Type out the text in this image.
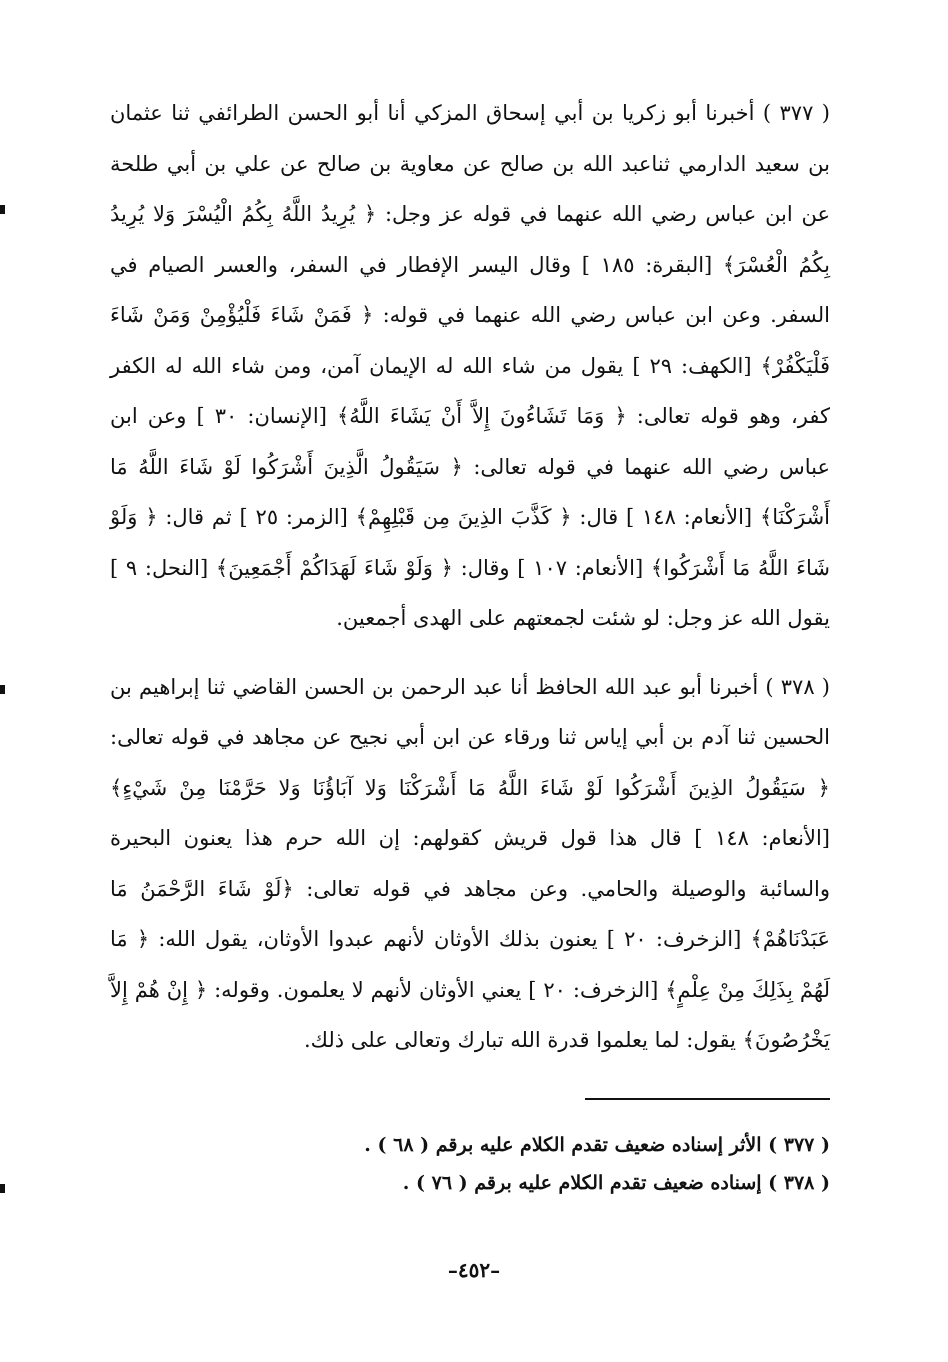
( ٣٧٧ ) أخبرنا أبو زكريا بن أبي إسحاق المزكي أنا أبو الحسن الطرائفي ثنا عثمان بن سعيد الدارمي ثناعبد الله بن صالح عن معاوية بن صالح عن علي بن أبي طلحة عن ابن عباس رضي الله عنهما في قوله عز وجل: ﴿ يُرِيدُ اللَّهُ بِكُمُ الْيُسْرَ وَلا يُرِيدُ بِكُمُ الْعُسْرَ﴾ [البقرة: ١٨٥ ] وقال اليسر الإفطار في السفر، والعسر الصيام في السفر. وعن ابن عباس رضي الله عنهما في قوله: ﴿ فَمَنْ شَاءَ فَلْيُؤْمِنْ وَمَنْ شَاءَ فَلْيَكْفُرْ﴾ [الكهف: ٢٩ ] يقول من شاء الله له الإيمان آمن، ومن شاء الله له الكفر كفر، وهو قوله تعالى: ﴿ وَمَا تَشَاءُونَ إِلاَّ أَنْ يَشَاءَ اللَّهُ﴾ [الإنسان: ٣٠ ] وعن ابن عباس رضي الله عنهما في قوله تعالى: ﴿ سَيَقُولُ الَّذِينَ أَشْرَكُوا لَوْ شَاءَ اللَّهُ مَا أَشْرَكْنَا﴾ [الأنعام: ١٤٨ ] قال: ﴿ كَذَّبَ الذِينَ مِن قَبْلِهِمْ﴾ [الزمر: ٢٥ ] ثم قال: ﴿ وَلَوْ شَاءَ اللَّهُ مَا أَشْرَكُوا﴾ [الأنعام: ١٠٧ ] وقال: ﴿ وَلَوْ شَاءَ لَهَدَاكُمْ أَجْمَعِينَ﴾ [النحل: ٩ ] يقول الله عز وجل: لو شئت لجمعتهم على الهدى أجمعين.

( ٣٧٨ ) أخبرنا أبو عبد الله الحافظ أنا عبد الرحمن بن الحسن القاضي ثنا إبراهيم بن الحسين ثنا آدم بن أبي إياس ثنا ورقاء عن ابن أبي نجيح عن مجاهد في قوله تعالى: ﴿ سَيَقُولُ الذِينَ أَشْرَكُوا لَوْ شَاءَ اللَّهُ مَا أَشْرَكْنَا وَلا آبَاؤُنَا وَلا حَرَّمْنَا مِنْ شَيْءٍ﴾ [الأنعام: ١٤٨ ] قال هذا قول قريش كقولهم: إن الله حرم هذا يعنون البحيرة والسائبة والوصيلة والحامي. وعن مجاهد في قوله تعالى: ﴿لَوْ شَاءَ الرَّحْمَنُ مَا عَبَدْنَاهُمْ﴾ [الزخرف: ٢٠ ] يعنون بذلك الأوثان لأنهم عبدوا الأوثان، يقول الله: ﴿ مَا لَهُمْ بِذَلِكَ مِنْ عِلْمٍ﴾ [الزخرف: ٢٠ ] يعني الأوثان لأنهم لا يعلمون. وقوله: ﴿ إِنْ هُمْ إِلاَّ يَخْرُصُونَ﴾ يقول: لما يعلموا قدرة الله تبارك وتعالى على ذلك.

( ٣٧٧ ) الأثر إسناده ضعيف تقدم الكلام عليه برقم ( ٦٨ ) .

( ٣٧٨ ) إسناده ضعيف تقدم الكلام عليه برقم ( ٧٦ ) .

–٤٥٢–
